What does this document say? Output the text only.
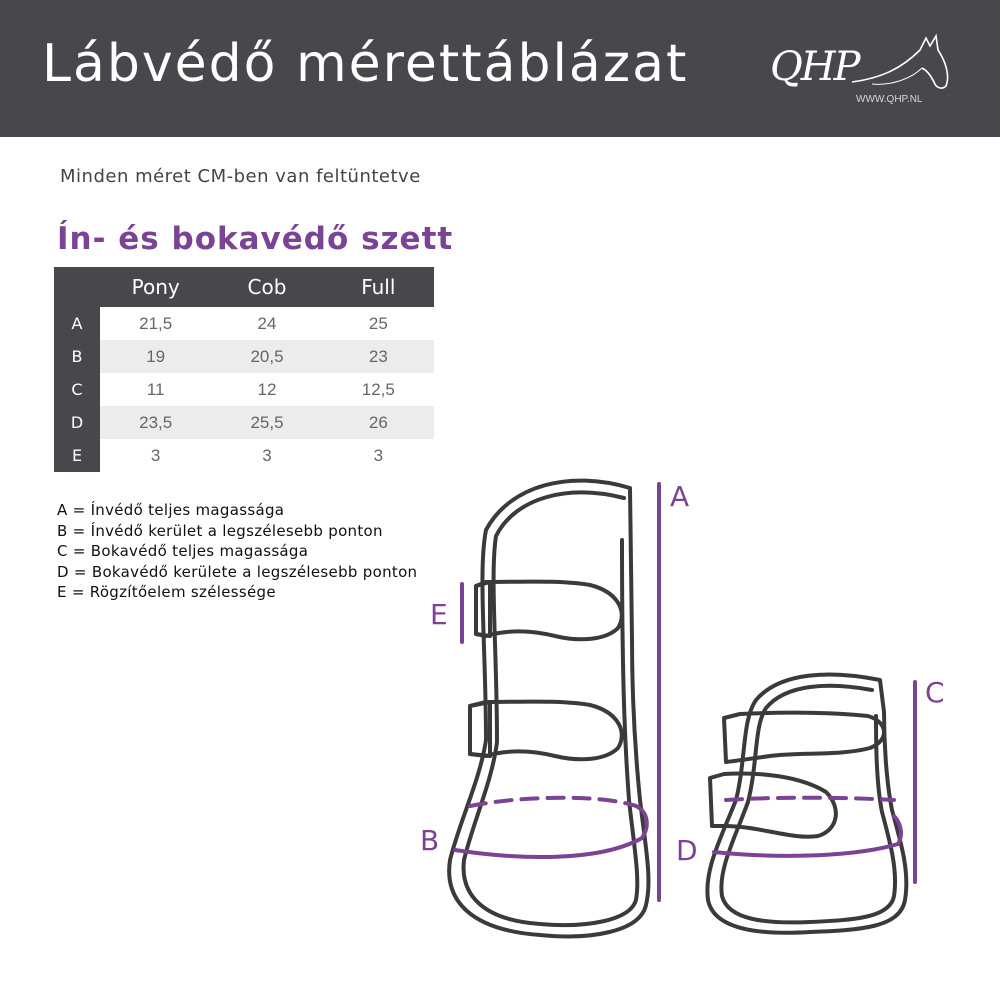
Lábvédő mérettáblázat QHP
WWW.QHP.NL
Minden méret CM-ben van feltüntetve
Ín- és bokavédő szett
Pony	Cob	Full
A	21,5	24	25
B	19	20,5	23
C	11	12	12,5
D	23,5	25,5	26
E	3	3	3
A = Ínvédő teljes magassága
B = Ínvédő kerület a legszélesebb ponton
C = Bokavédő teljes magassága
D = Bokavédő kerülete a legszélesebb ponton
E = Rögzítőelem szélessége
A
B
C
D
E
